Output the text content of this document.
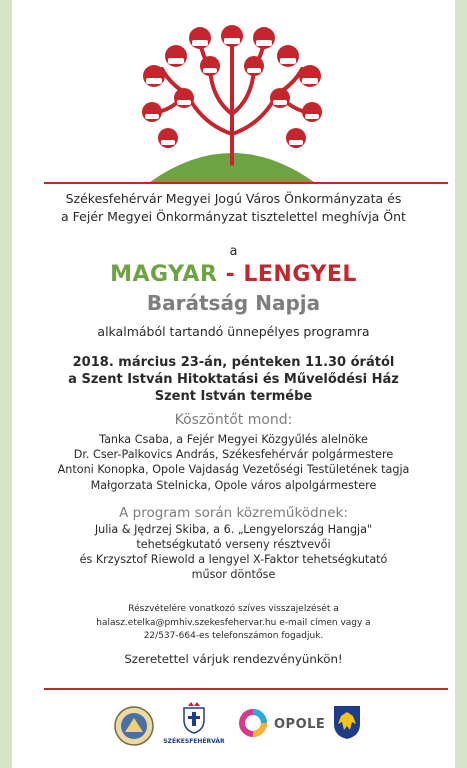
Székesfehérvár Megyei Jogú Város Önkormányzata és
a Fejér Megyei Önkormányzat tisztelettel meghívja Önt
a
MAGYAR - LENGYEL
Barátság Napja
alkalmából tartandó ünnepélyes programra
2018. március 23-án, pénteken 11.30 órától
a Szent István Hitoktatási és Művelődési Ház
Szent István termébe
Köszöntőt mond:
Tanka Csaba, a Fejér Megyei Közgyűlés alelnöke
Dr. Cser-Palkovics András, Székesfehérvár polgármestere
Antoni Konopka, Opole Vajdaság Vezetőségi Testületének tagja
Małgorzata Stelnicka, Opole város alpolgármestere
A program során közreműködnek:
Julia & Jędrzej Skiba, a 6. „Lengyelország Hangja"
tehetségkutató verseny résztvevői
és Krzysztof Riewold a lengyel X-Faktor tehetségkutató
műsor döntőse
Részvételére vonatkozó szíves visszajelzését a
halasz.etelka@pmhiv.szekesfehervar.hu e-mail címen vagy a
22/537-664-es telefonszámon fogadjuk.
Szeretettel várjuk rendezvényünkön!
SZÉKESFEHÉRVÁR
OPOLE
